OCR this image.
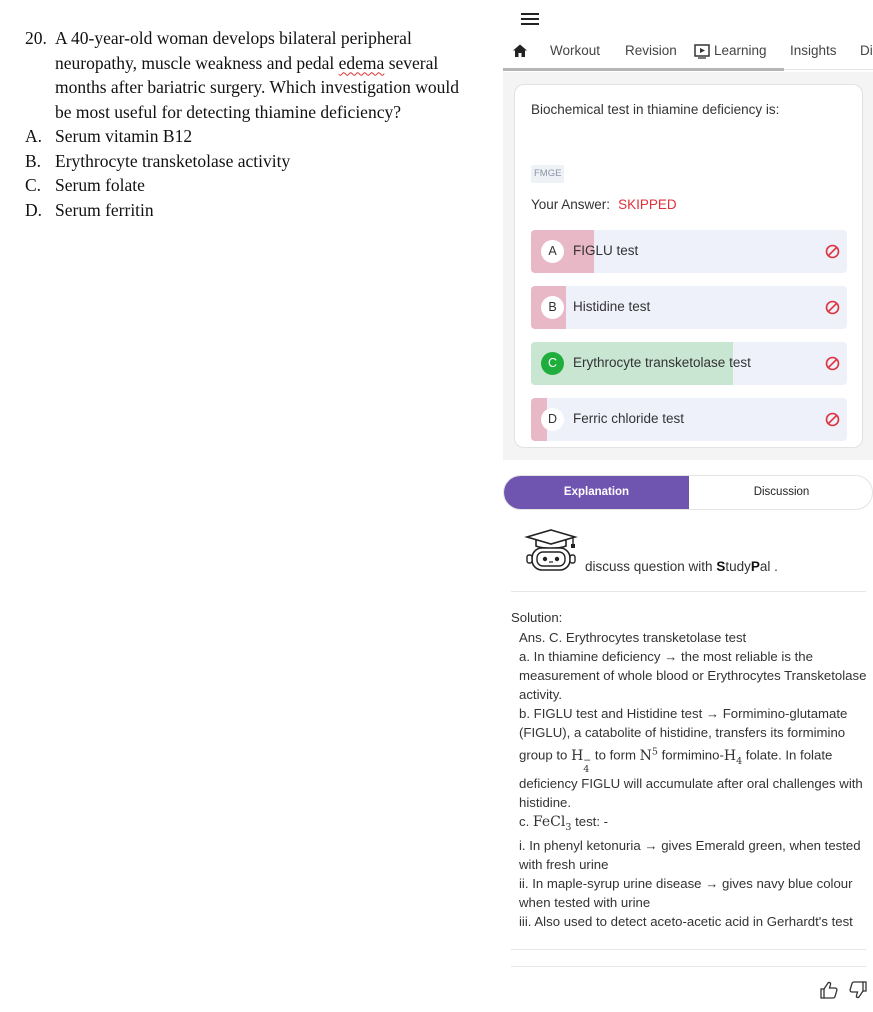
20. A 40-year-old woman develops bilateral peripheral neuropathy, muscle weakness and pedal edema several months after bariatric surgery. Which investigation would be most useful for detecting thiamine deficiency?
A. Serum vitamin B12
B. Erythrocyte transketolase activity
C. Serum folate
D. Serum ferritin
Workout Revision	Learning Insights Di
Biochemical test in thiamine deficiency is:
FMGE
Your Answer: SKIPPED
A	FIGLU test
B	Histidine test
C	Erythrocyte transketolase test
D	Ferric chloride test
Explanation	Discussion
discuss question with StudyPal .
Solution:
Ans. C. Erythrocytes transketolase test
a. In thiamine deficiency → the most reliable is the measurement of whole blood or Erythrocytes Transketolase activity.
b. FIGLU test and Histidine test → Formimino-glutamate (FIGLU), a catabolite of histidine, transfers its formimino group to H −
4
to form $N^5$ formimino-$H_4$ folate. In folate deficiency FIGLU will accumulate after oral challenges with histidine.
c. FeCl$_3$ test: -
i. In phenyl ketonuria → gives Emerald green, when tested with fresh urine
ii. In maple-syrup urine disease → gives navy blue colour when tested with urine
iii. Also used to detect aceto-acetic acid in Gerhardt's test
